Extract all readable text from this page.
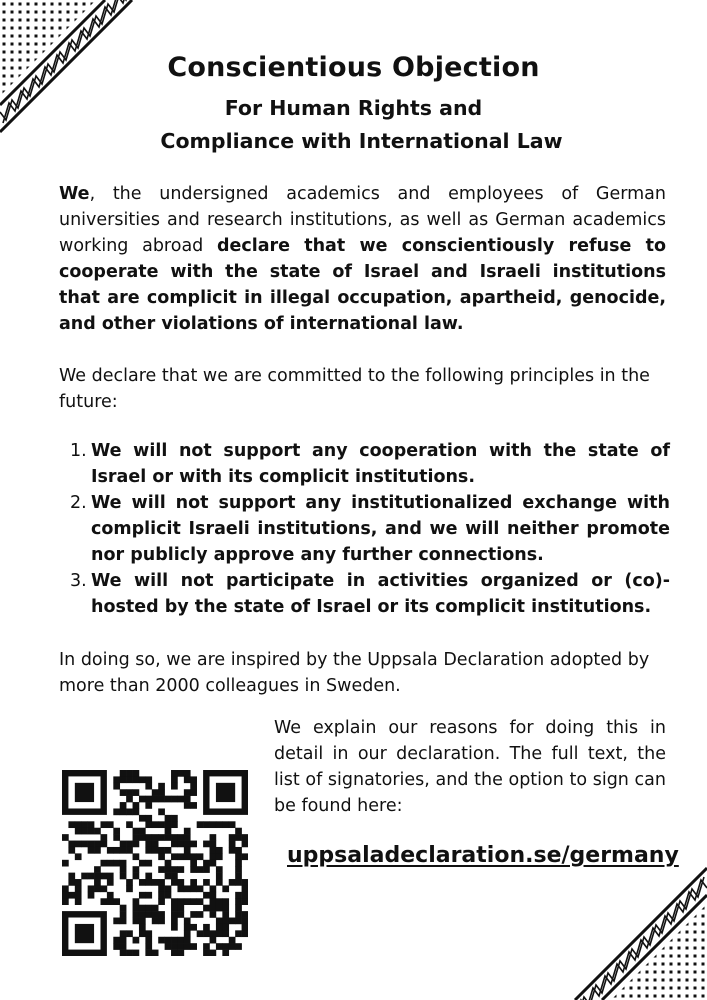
Conscientious Objection
For Human Rights and
Compliance with International Law
We, the undersigned academics and employees of German universities and research institutions, as well as German academics working abroad declare that we conscientiously refuse to cooperate with the state of Israel and Israeli institutions that are complicit in illegal occupation, apartheid, genocide, and other violations of international law.
We declare that we are committed to the following principles in the future:
1. We will not support any cooperation with the state of Israel or with its complicit institutions.
2. We will not support any institutionalized exchange with complicit Israeli institutions, and we will neither promote nor publicly approve any further connections.
3. We will not participate in activities organized or (co)-hosted by the state of Israel or its complicit institutions.
In doing so, we are inspired by the Uppsala Declaration adopted by more than 2000 colleagues in Sweden.
We explain our reasons for doing this in detail in our declaration. The full text, the list of signatories, and the option to sign can be found here:
uppsaladeclaration.se/germany
